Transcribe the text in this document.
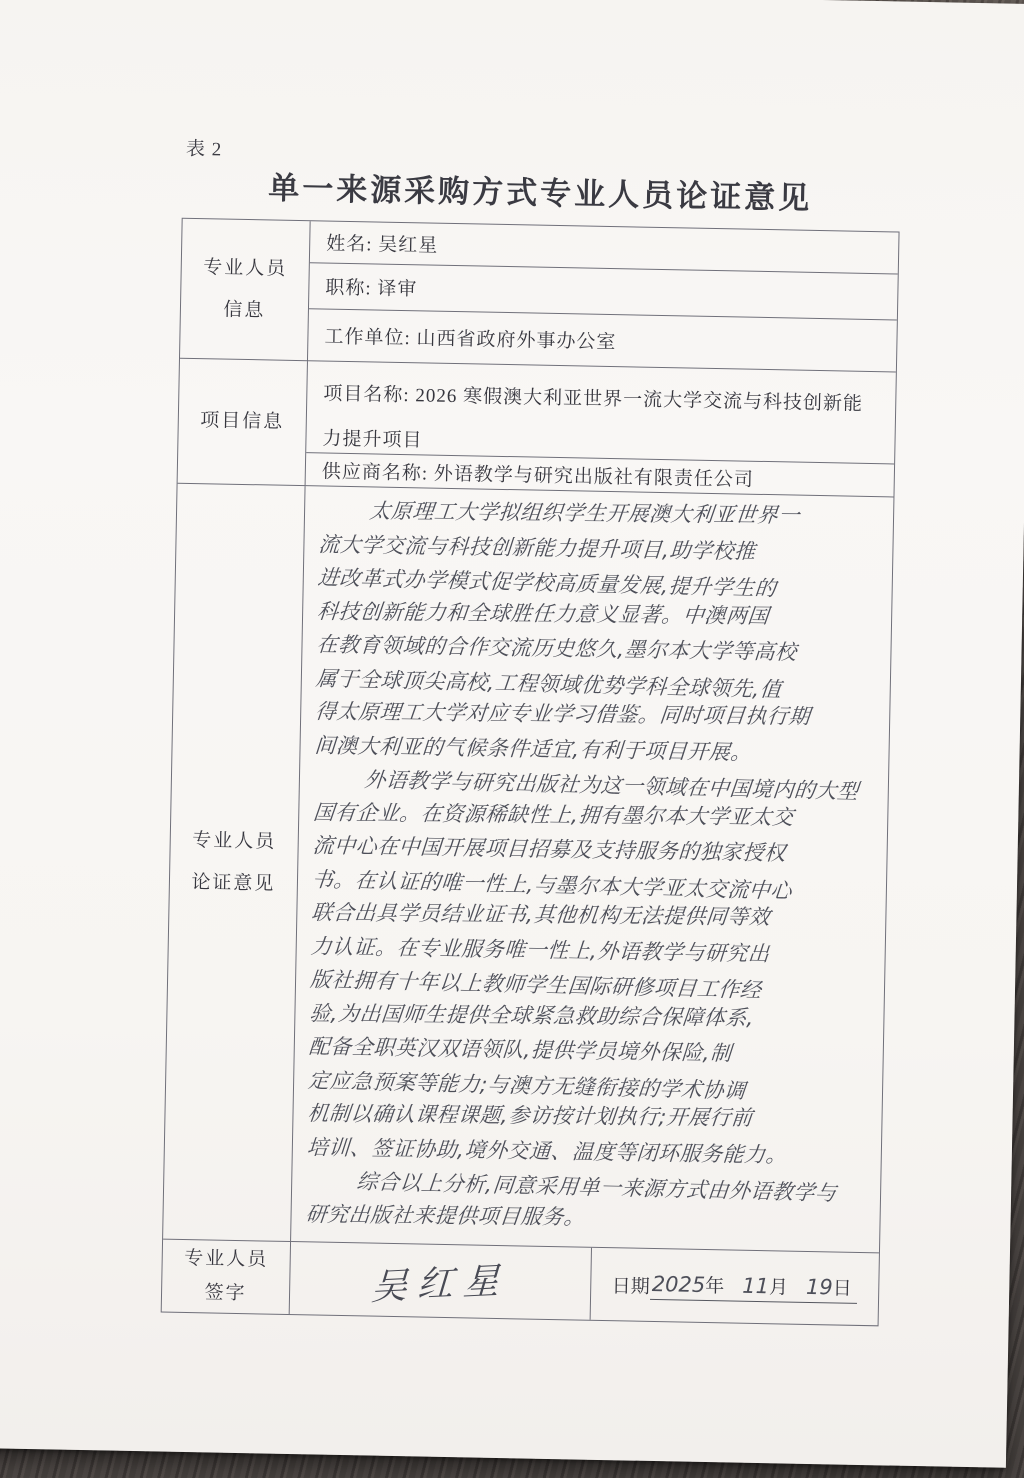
表 2
单一来源采购方式专业人员论证意见
专业人员
信息
姓名: 吴红星
职称: 译审
工作单位: 山西省政府外事办公室
项目信息
项目名称: 2026 寒假澳大利亚世界一流大学交流与科技创新能力提升项目
供应商名称: 外语教学与研究出版社有限责任公司
专业人员
论证意见
太原理工大学拟组织学生开展澳大利亚世界一
流大学交流与科技创新能力提升项目,助学校推
进改革式办学模式促学校高质量发展,提升学生的
科技创新能力和全球胜任力意义显著。中澳两国
在教育领域的合作交流历史悠久,墨尔本大学等高校
属于全球顶尖高校,工程领域优势学科全球领先,值
得太原理工大学对应专业学习借鉴。同时项目执行期
间澳大利亚的气候条件适宜,有利于项目开展。
外语教学与研究出版社为这一领域在中国境内的大型
国有企业。在资源稀缺性上,拥有墨尔本大学亚太交
流中心在中国开展项目招募及支持服务的独家授权
书。在认证的唯一性上,与墨尔本大学亚太交流中心
联合出具学员结业证书,其他机构无法提供同等效
力认证。在专业服务唯一性上,外语教学与研究出
版社拥有十年以上教师学生国际研修项目工作经
验,为出国师生提供全球紧急救助综合保障体系,
配备全职英汉双语领队,提供学员境外保险,制
定应急预案等能力;与澳方无缝衔接的学术协调
机制以确认课程课题,参访按计划执行;开展行前
培训、签证协助,境外交通、温度等闭环服务能力。
综合以上分析,同意采用单一来源方式由外语教学与
研究出版社来提供项目服务。
专业人员
签字	吴红星	日期 2025年 11月 19日
